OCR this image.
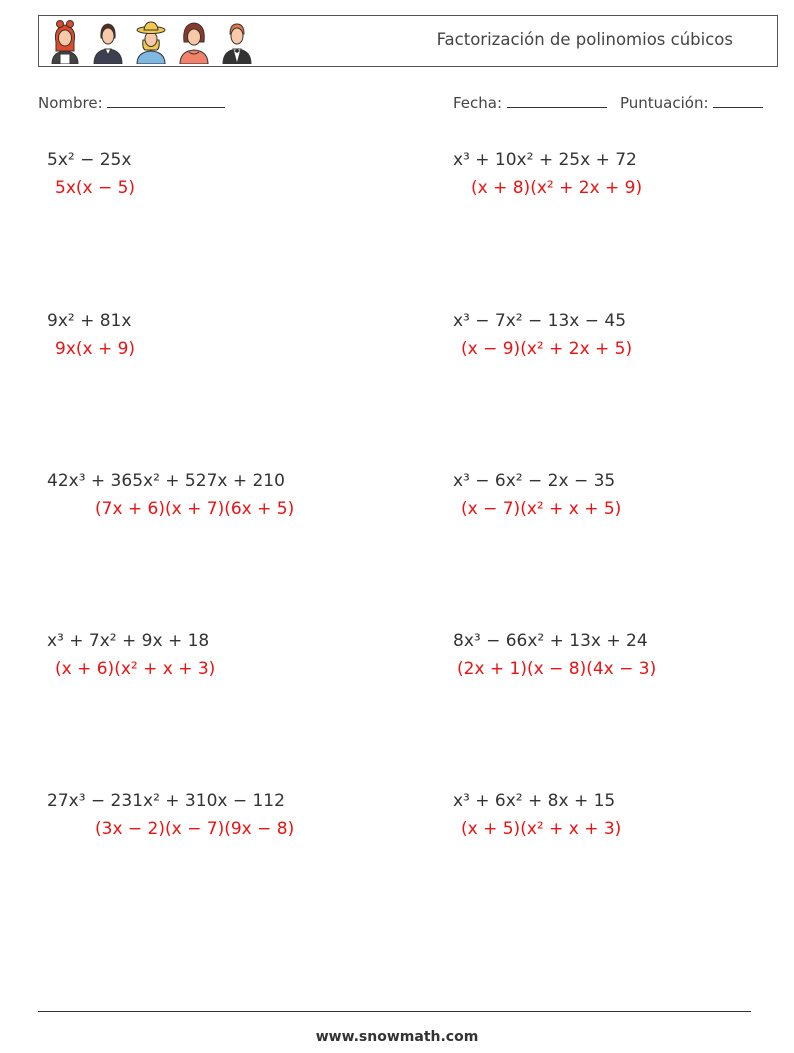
Factorización de polinomios cúbicos
Nombre:	Fecha:	Puntuación:
5x² − 25x
5x(x − 5)
9x² + 81x
9x(x + 9)
42x³ + 365x² + 527x + 210
(7x + 6)(x + 7)(6x + 5)
x³ + 7x² + 9x + 18
(x + 6)(x² + x + 3)
27x³ − 231x² + 310x − 112
(3x − 2)(x − 7)(9x − 8)
x³ + 10x² + 25x + 72
(x + 8)(x² + 2x + 9)
x³ − 7x² − 13x − 45
(x − 9)(x² + 2x + 5)
x³ − 6x² − 2x − 35
(x − 7)(x² + x + 5)
8x³ − 66x² + 13x + 24
(2x + 1)(x − 8)(4x − 3)
x³ + 6x² + 8x + 15
(x + 5)(x² + x + 3)
www.snowmath.com
